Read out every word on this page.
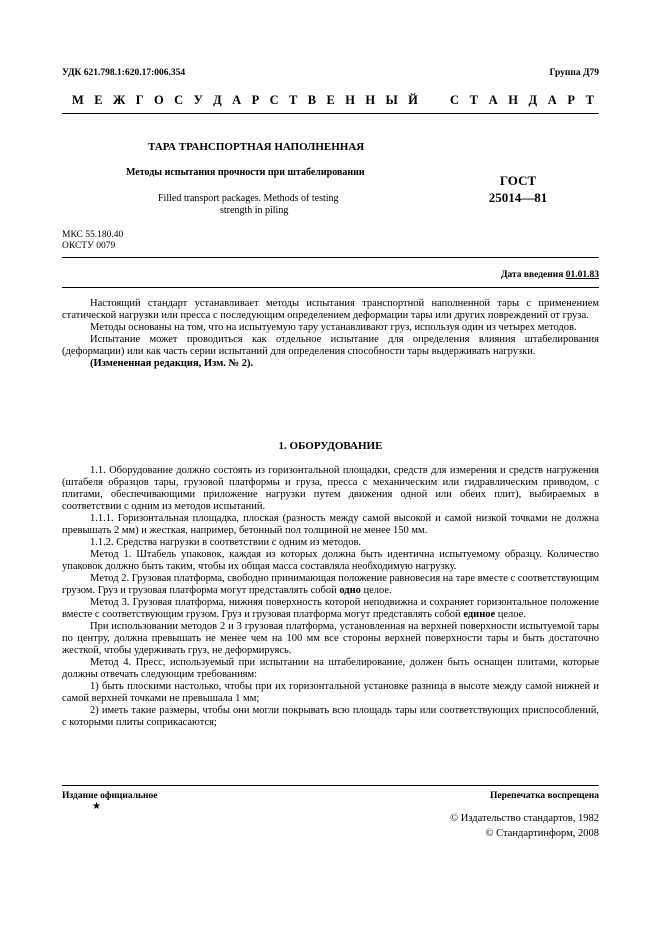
УДК 621.798.1:620.17:006.354	Группа Д79
М Е Ж Г О С У Д А Р С Т В Е Н Н Ы Й	С Т А Н Д А Р Т
ТАРА ТРАНСПОРТНАЯ НАПОЛНЕННАЯ
Методы испытания прочности при штабелировании
Filled transport packages. Methods of testing
strength in piling
ГОСТ
25014—81
МКС 55.180.40
ОКСТУ 0079
Дата введения 01.01.83

Настоящий стандарт устанавливает методы испытания транспортной наполненной тары с применением статической нагрузки или пресса с последующим определением деформации тары или других повреждений от груза.

Методы основаны на том, что на испытуемую тару устанавливают груз, используя один из четырех методов.

Испытание может проводиться как отдельное испытание для определения влияния штабелирования (деформации) или как часть серии испытаний для определения способности тары выдерживать нагрузки.

(Измененная редакция, Изм. № 2).

1. ОБОРУДОВАНИЕ

1.1. Оборудование должно состоять из горизонтальной площадки, средств для измерения и средств нагружения (штабеля образцов тары, грузовой платформы и груза, пресса с механическим или гидравлическим приводом, с плитами, обеспечивающими приложение нагрузки путем движения одной или обеих плит), выбираемых в соответствии с одним из методов испытаний.

1.1.1. Горизонтальная площадка, плоская (разность между самой высокой и самой низкой точками не должна превышать 2 мм) и жесткая, например, бетонный пол толщиной не менее 150 мм.

1.1.2. Средства нагрузки в соответствии с одним из методов.

Метод 1. Штабель упаковок, каждая из которых должна быть идентична испытуемому образцу. Количество упаковок должно быть таким, чтобы их общая масса составляла необходимую нагрузку.

Метод 2. Грузовая платформа, свободно принимающая положение равновесия на таре вместе с соответствующим грузом. Груз и грузовая платформа могут представлять собой одно целое.

Метод 3. Грузовая платформа, нижняя поверхность которой неподвижна и сохраняет горизонтальное положение вместе с соответствующим грузом. Груз и грузовая платформа могут представлять собой единое целое.

При использовании методов 2 и 3 грузовая платформа, установленная на верхней поверхности испытуемой тары по центру, должна превышать не менее чем на 100 мм все стороны верхней поверхности тары и быть достаточно жесткой, чтобы удерживать груз, не деформируясь.

Метод 4. Пресс, используемый при испытании на штабелирование, должен быть оснащен плитами, которые должны отвечать следующим требованиям:

1) быть плоскими настолько, чтобы при их горизонтальной установке разница в высоте между самой нижней и самой верхней точками не превышала 1 мм;

2) иметь такие размеры, чтобы они могли покрывать всю площадь тары или соответствующих приспособлений, с которыми плиты соприкасаются;

Издание официальное
★
Перепечатка воспрещена
© Издательство стандартов, 1982
© Стандартинформ, 2008
